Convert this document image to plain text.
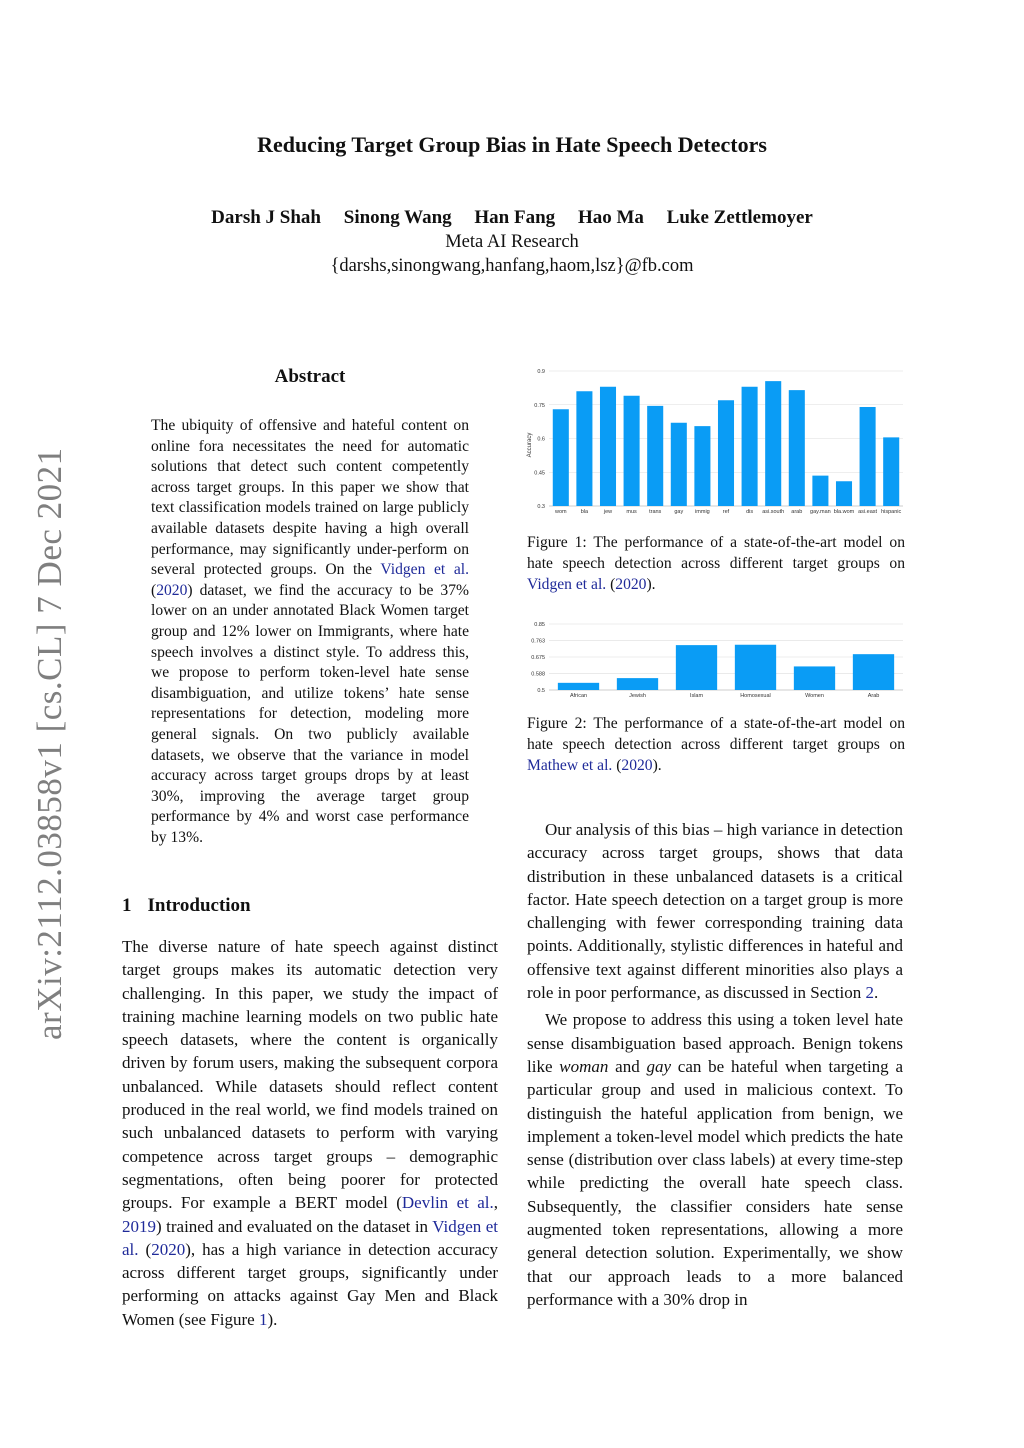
Reducing Target Group Bias in Hate Speech Detectors
Darsh J Shah Sinong Wang Han Fang Hao Ma Luke Zettlemoyer
Meta AI Research
{darshs,sinongwang,hanfang,haom,lsz}@fb.com
arXiv:2112.03858v1 [cs.CL] 7 Dec 2021
Abstract
The ubiquity of offensive and hateful content on online fora necessitates the need for automatic solutions that detect such content competently across target groups. In this paper we show that text classification models trained on large publicly available datasets despite having a high overall performance, may significantly under-perform on several protected groups. On the Vidgen et al. (2020) dataset, we find the accuracy to be 37% lower on an under annotated Black Women target group and 12% lower on Immigrants, where hate speech involves a distinct style. To address this, we propose to perform token-level hate sense disambiguation, and utilize tokens’ hate sense representations for detection, modeling more general signals. On two publicly available datasets, we observe that the variance in model accuracy across target groups drops by at least 30%, improving the average target group performance by 4% and worst case performance by 13%.
1 Introduction

The diverse nature of hate speech against distinct target groups makes its automatic detection very challenging. In this paper, we study the impact of training machine learning models on two public hate speech datasets, where the content is organically driven by forum users, making the subsequent corpora unbalanced. While datasets should reflect content produced in the real world, we find models trained on such unbalanced datasets to perform with varying competence across target groups – demographic segmentations, often being poorer for protected groups. For example a BERT model (Devlin et al., 2019) trained and evaluated on the dataset in Vidgen et al. (2020), has a high variance in detection accuracy across different target groups, significantly under performing on attacks against Gay Men and Black Women (see Figure 1).

wom	bla	jew	mus trans gay immig ref	dis asi.south arab gay.man bla.wom asi.east hispanic
0.3
0.45
0.6
0.75
0.9
Accuracy
Figure 1: The performance of a state-of-the-art model on hate speech detection across different target groups on Vidgen et al. (2020).
African	Jewish	Islam	Homosexual	Women	Arab
0.5
0.588
0.675
0.763
0.85
Figure 2: The performance of a state-of-the-art model on hate speech detection across different target groups on Mathew et al. (2020).

Our analysis of this bias – high variance in detection accuracy across target groups, shows that data distribution in these unbalanced datasets is a critical factor. Hate speech detection on a target group is more challenging with fewer corresponding training data points. Additionally, stylistic differences in hateful and offensive text against different minorities also plays a role in poor performance, as discussed in Section 2.

We propose to address this using a token level hate sense disambiguation based approach. Benign tokens like woman and gay can be hateful when targeting a particular group and used in malicious context. To distinguish the hateful application from benign, we implement a token-level model which predicts the hate sense (distribution over class labels) at every time-step while predicting the overall hate speech class. Subsequently, the classifier considers hate sense augmented token representations, allowing a more general detection solution. Experimentally, we show that our approach leads to a more balanced performance with a 30% drop in
